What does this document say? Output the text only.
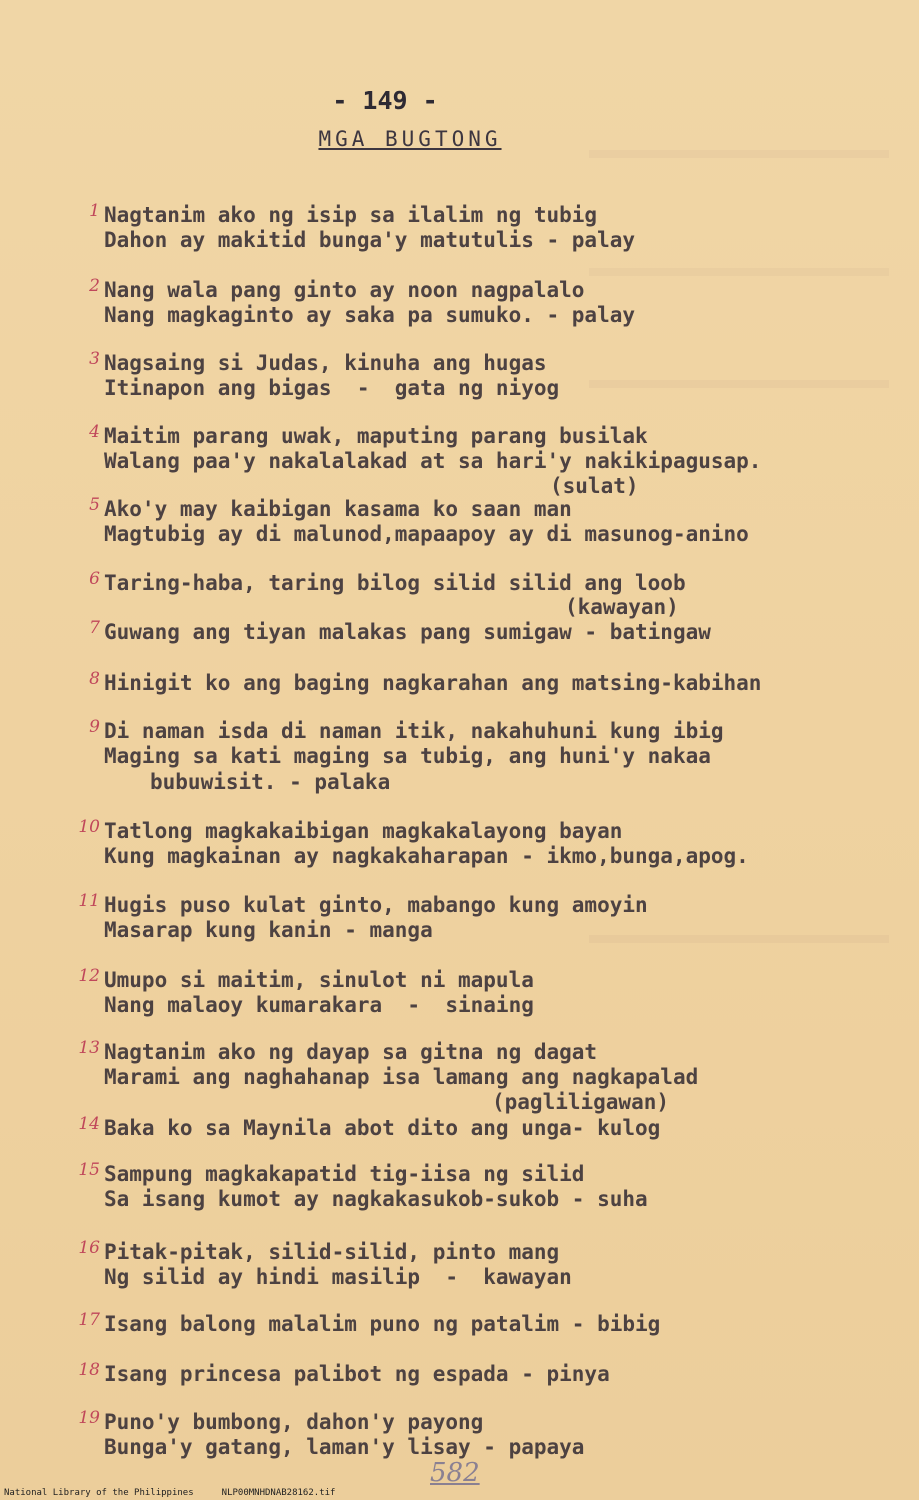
- 149 -
MGA BUGTONG
1 Nagtanim ako ng isip sa ilalim ng tubig
Dahon ay makitid bunga'y matutulis - palay
2 Nang wala pang ginto ay noon nagpalalo
Nang magkaginto ay saka pa sumuko. - palay
3 Nagsaing si Judas, kinuha ang hugas
Itinapon ang bigas  -  gata ng niyog
4 Maitim parang uwak, maputing parang busilak
Walang paa'y nakalalakad at sa hari'y nakikipagusap.
(sulat)
5 Ako'y may kaibigan kasama ko saan man
Magtubig ay di malunod,mapaapoy ay di masunog-anino
6 Taring-haba, taring bilog silid silid ang loob
(kawayan)
7 Guwang ang tiyan malakas pang sumigaw - batingaw
8 Hinigit ko ang baging nagkarahan ang matsing-kabihan
9 Di naman isda di naman itik, nakahuhuni kung ibig
Maging sa kati maging sa tubig, ang huni'y nakaa
bubuwisit. - palaka
10 Tatlong magkakaibigan magkakalayong bayan
Kung magkainan ay nagkakaharapan - ikmo,bunga,apog.
11 Hugis puso kulat ginto, mabango kung amoyin
Masarap kung kanin - manga
12 Umupo si maitim, sinulot ni mapula
Nang malaoy kumarakara  -  sinaing
13 Nagtanim ako ng dayap sa gitna ng dagat
Marami ang naghahanap isa lamang ang nagkapalad
(pagliligawan)
14 Baka ko sa Maynila abot dito ang unga- kulog
15 Sampung magkakapatid tig-iisa ng silid
Sa isang kumot ay nagkakasukob-sukob - suha
16 Pitak-pitak, silid-silid, pinto mang
Ng silid ay hindi masilip  -  kawayan
17 Isang balong malalim puno ng patalim - bibig
18 Isang princesa palibot ng espada - pinya
19 Puno'y bumbong, dahon'y payong
Bunga'y gatang, laman'y lisay - papaya
582
National Library of the Philippines	NLP00MNHDNAB28162.tif
